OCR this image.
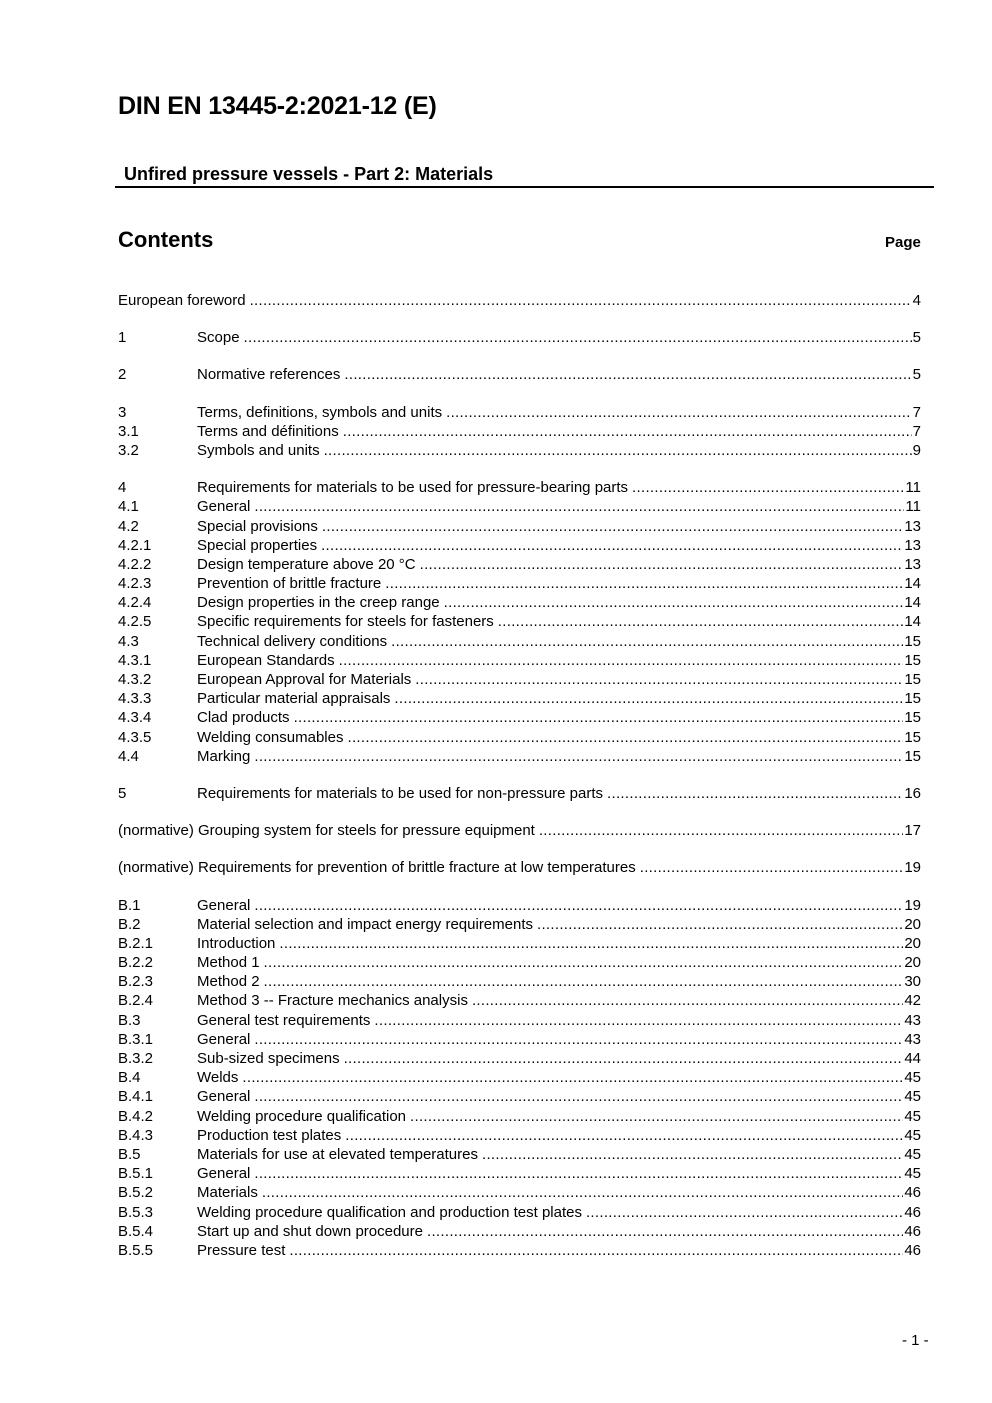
DIN EN 13445-2:2021-12 (E)
Unfired pressure vessels - Part 2: Materials
Contents	Page
European foreword .....	4
1	Scope .....	5
2	Normative references .....	5
3	Terms, definitions, symbols and units .....	7
3.1	Terms and définitions .....	7
3.2	Symbols and units .....	9
4	Requirements for materials to be used for pressure-bearing parts .....	11
4.1	General .....	11
4.2	Special provisions .....	13
4.2.1	Special properties .....	13
4.2.2	Design temperature above 20 °C .....	13
4.2.3	Prevention of brittle fracture .....	14
4.2.4	Design properties in the creep range .....	14
4.2.5	Specific requirements for steels for fasteners .....	14
4.3	Technical delivery conditions .....	15
4.3.1	European Standards .....	15
4.3.2	European Approval for Materials .....	15
4.3.3	Particular material appraisals .....	15
4.3.4	Clad products .....	15
4.3.5	Welding consumables .....	15
4.4	Marking .....	15
5	Requirements for materials to be used for non-pressure parts .....	16
(normative) Grouping system for steels for pressure equipment .....	17
(normative) Requirements for prevention of brittle fracture at low temperatures .....	19
B.1	General .....	19
B.2	Material selection and impact energy requirements .....	20
B.2.1	Introduction .....	20
B.2.2	Method 1 .....	20
B.2.3	Method 2 .....	30
B.2.4	Method 3 -- Fracture mechanics analysis .....	42
B.3	General test requirements .....	43
B.3.1	General .....	43
B.3.2	Sub-sized specimens .....	44
B.4	Welds .....	45
B.4.1	General .....	45
B.4.2	Welding procedure qualification .....	45
B.4.3	Production test plates .....	45
B.5	Materials for use at elevated temperatures .....	45
B.5.1	General .....	45
B.5.2	Materials .....	46
B.5.3	Welding procedure qualification and production test plates .....	46
B.5.4	Start up and shut down procedure .....	46
B.5.5	Pressure test .....	46
- 1 -
